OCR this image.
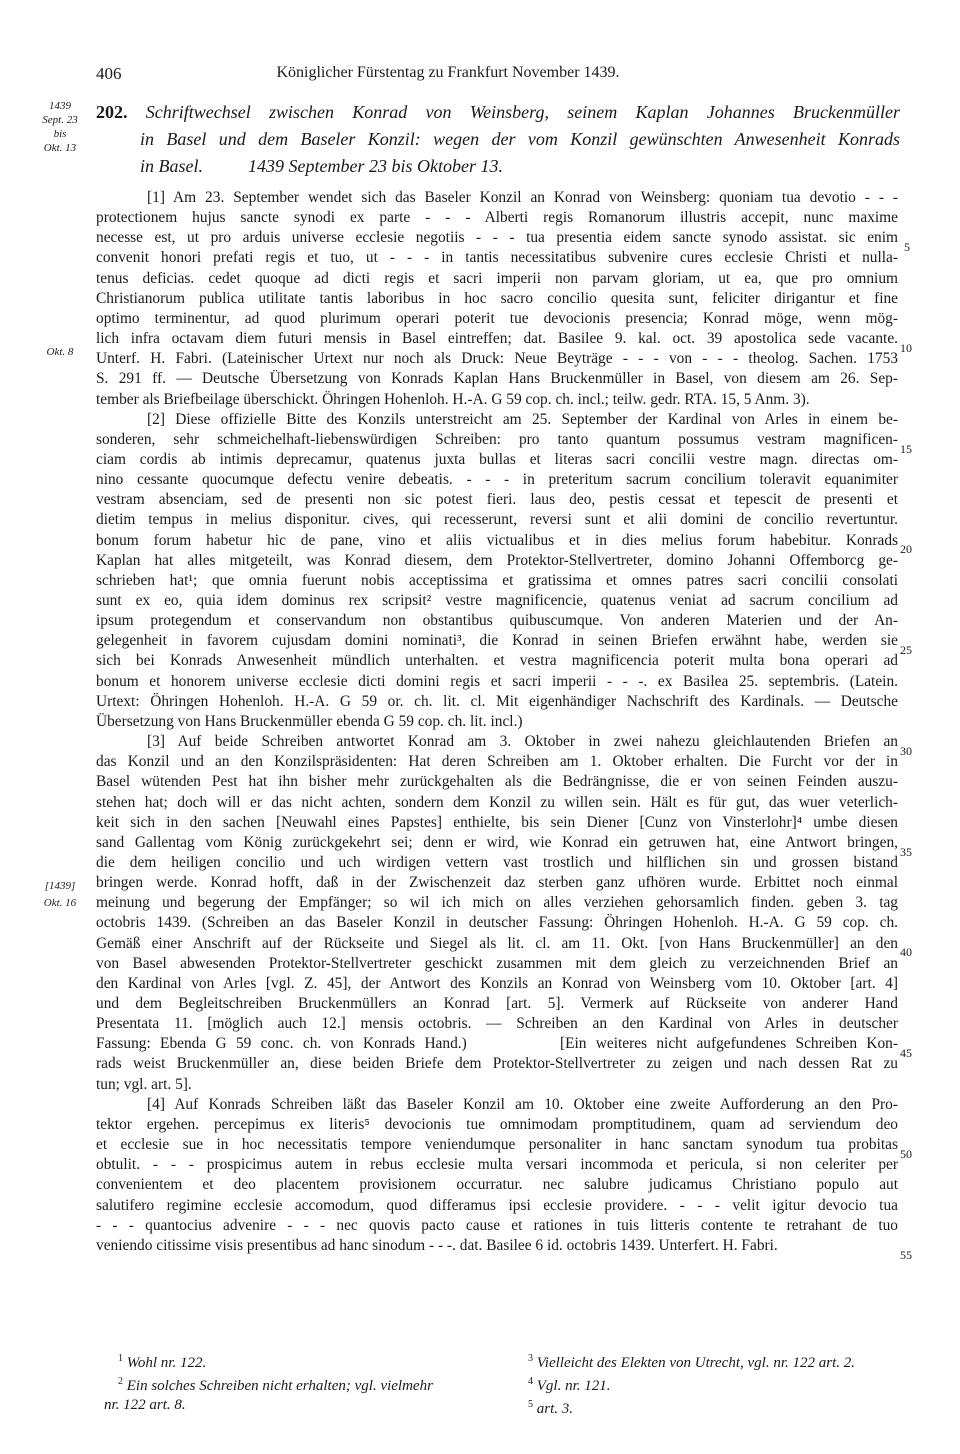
406	Königlicher Fürstentag zu Frankfurt November 1439.
202. Schriftwechsel zwischen Konrad von Weinsberg, seinem Kaplan Johannes Bruckenmüller
in Basel und dem Baseler Konzil: wegen der vom Konzil gewünschten Anwesenheit Konrads
in Basel.          1439 September 23 bis Oktober 13.
1439
Sept. 23
bis
Okt. 13
Okt. 8
[1439]
Okt. 16
5
10
15
20
25
30
35
40
45
50
55
[1] Am 23. September wendet sich das Baseler Konzil an Konrad von Weinsberg: quoniam tua devotio - - -
protectionem hujus sancte synodi ex parte - - - Alberti regis Romanorum illustris accepit, nunc maxime
necesse est, ut pro arduis universe ecclesie negotiis - - - tua presentia eidem sancte synodo assistat. sic enim
convenit honori prefati regis et tuo, ut - - - in tantis necessitatibus subvenire cures ecclesie Christi et nulla-
tenus deficias. cedet quoque ad dicti regis et sacri imperii non parvam gloriam, ut ea, que pro omnium
Christianorum publica utilitate tantis laboribus in hoc sacro concilio quesita sunt, feliciter dirigantur et fine
optimo terminentur, ad quod plurimum operari poterit tue devocionis presencia; Konrad möge, wenn mög-
lich infra octavam diem futuri mensis in Basel eintreffen; dat. Basilee 9. kal. oct. 39 apostolica sede vacante.
Unterf. H. Fabri. (Lateinischer Urtext nur noch als Druck: Neue Beyträge - - - von - - - theolog. Sachen. 1753
S. 291 ff. — Deutsche Übersetzung von Konrads Kaplan Hans Bruckenmüller in Basel, von diesem am 26. Sep-
tember als Briefbeilage überschickt. Öhringen Hohenloh. H.-A. G 59 cop. ch. incl.; teilw. gedr. RTA. 15, 5 Anm. 3).
[2] Diese offizielle Bitte des Konzils unterstreicht am 25. September der Kardinal von Arles in einem be-
sonderen, sehr schmeichelhaft-liebenswürdigen Schreiben: pro tanto quantum possumus vestram magnificen-
ciam cordis ab intimis deprecamur, quatenus juxta bullas et literas sacri concilii vestre magn. directas om-
nino cessante quocumque defectu venire debeatis. - - - in preteritum sacrum concilium toleravit equanimiter
vestram absenciam, sed de presenti non sic potest fieri. laus deo, pestis cessat et tepescit de presenti et
dietim tempus in melius disponitur. cives, qui recesserunt, reversi sunt et alii domini de concilio revertuntur.
bonum forum habetur hic de pane, vino et aliis victualibus et in dies melius forum habebitur. Konrads
Kaplan hat alles mitgeteilt, was Konrad diesem, dem Protektor-Stellvertreter, domino Johanni Offemborcg ge-
schrieben hat¹; que omnia fuerunt nobis acceptissima et gratissima et omnes patres sacri concilii consolati
sunt ex eo, quia idem dominus rex scripsit² vestre magnificencie, quatenus veniat ad sacrum concilium ad
ipsum protegendum et conservandum non obstantibus quibuscumque. Von anderen Materien und der An-
gelegenheit in favorem cujusdam domini nominati³, die Konrad in seinen Briefen erwähnt habe, werden sie
sich bei Konrads Anwesenheit mündlich unterhalten. et vestra magnificencia poterit multa bona operari ad
bonum et honorem universe ecclesie dicti domini regis et sacri imperii - - -. ex Basilea 25. septembris. (Latein.
Urtext: Öhringen Hohenloh. H.-A. G 59 or. ch. lit. cl. Mit eigenhändiger Nachschrift des Kardinals. — Deutsche
Übersetzung von Hans Bruckenmüller ebenda G 59 cop. ch. lit. incl.)
[3] Auf beide Schreiben antwortet Konrad am 3. Oktober in zwei nahezu gleichlautenden Briefen an
das Konzil und an den Konzilspräsidenten: Hat deren Schreiben am 1. Oktober erhalten. Die Furcht vor der in
Basel wütenden Pest hat ihn bisher mehr zurückgehalten als die Bedrängnisse, die er von seinen Feinden auszu-
stehen hat; doch will er das nicht achten, sondern dem Konzil zu willen sein. Hält es für gut, das wuer veterlich-
keit sich in den sachen [Neuwahl eines Papstes] enthielte, bis sein Diener [Cunz von Vinsterlohr]⁴ umbe diesen
sand Gallentag vom König zurückgekehrt sei; denn er wird, wie Konrad ein getruwen hat, eine Antwort bringen,
die dem heiligen concilio und uch wirdigen vettern vast trostlich und hilflichen sin und grossen bistand
bringen werde. Konrad hofft, daß in der Zwischenzeit daz sterben ganz ufhören wurde. Erbittet noch einmal
meinung und begerung der Empfänger; so wil ich mich on alles verziehen gehorsamlich finden. geben 3. tag
octobris 1439. (Schreiben an das Baseler Konzil in deutscher Fassung: Öhringen Hohenloh. H.-A. G 59 cop. ch.
Gemäß einer Anschrift auf der Rückseite und Siegel als lit. cl. am 11. Okt. [von Hans Bruckenmüller] an den
von Basel abwesenden Protektor-Stellvertreter geschickt zusammen mit dem gleich zu verzeichnenden Brief an
den Kardinal von Arles [vgl. Z. 45], der Antwort des Konzils an Konrad von Weinsberg vom 10. Oktober [art. 4]
und dem Begleitschreiben Bruckenmüllers an Konrad [art. 5]. Vermerk auf Rückseite von anderer Hand
Presentata 11. [möglich auch 12.] mensis octobris. — Schreiben an den Kardinal von Arles in deutscher
Fassung: Ebenda G 59 conc. ch. von Konrads Hand.)          [Ein weiteres nicht aufgefundenes Schreiben Kon-
rads weist Bruckenmüller an, diese beiden Briefe dem Protektor-Stellvertreter zu zeigen und nach dessen Rat zu
tun; vgl. art. 5].
[4] Auf Konrads Schreiben läßt das Baseler Konzil am 10. Oktober eine zweite Aufforderung an den Pro-
tektor ergehen. percepimus ex literis⁵ devocionis tue omnimodam promptitudinem, quam ad serviendum deo
et ecclesie sue in hoc necessitatis tempore veniendumque personaliter in hanc sanctam synodum tua probitas
obtulit. - - - prospicimus autem in rebus ecclesie multa versari incommoda et pericula, si non celeriter per
convenientem et deo placentem provisionem occurratur. nec salubre judicamus Christiano populo aut
salutifero regimine ecclesie accomodum, quod differamus ipsi ecclesie providere. - - - velit igitur devocio tua
- - - quantocius advenire - - - nec quovis pacto cause et rationes in tuis litteris contente te retrahant de tuo
veniendo citissime visis presentibus ad hanc sinodum - - -. dat. Basilee 6 id. octobris 1439. Unterfert. H. Fabri.
$^1$ Wohl nr. 122.
$^2$ Ein solches Schreiben nicht erhalten; vgl. vielmehr
nr. 122 art. 8.
$^3$ Vielleicht des Elekten von Utrecht, vgl. nr. 122 art. 2.
$^4$ Vgl. nr. 121.
$^5$ art. 3.
